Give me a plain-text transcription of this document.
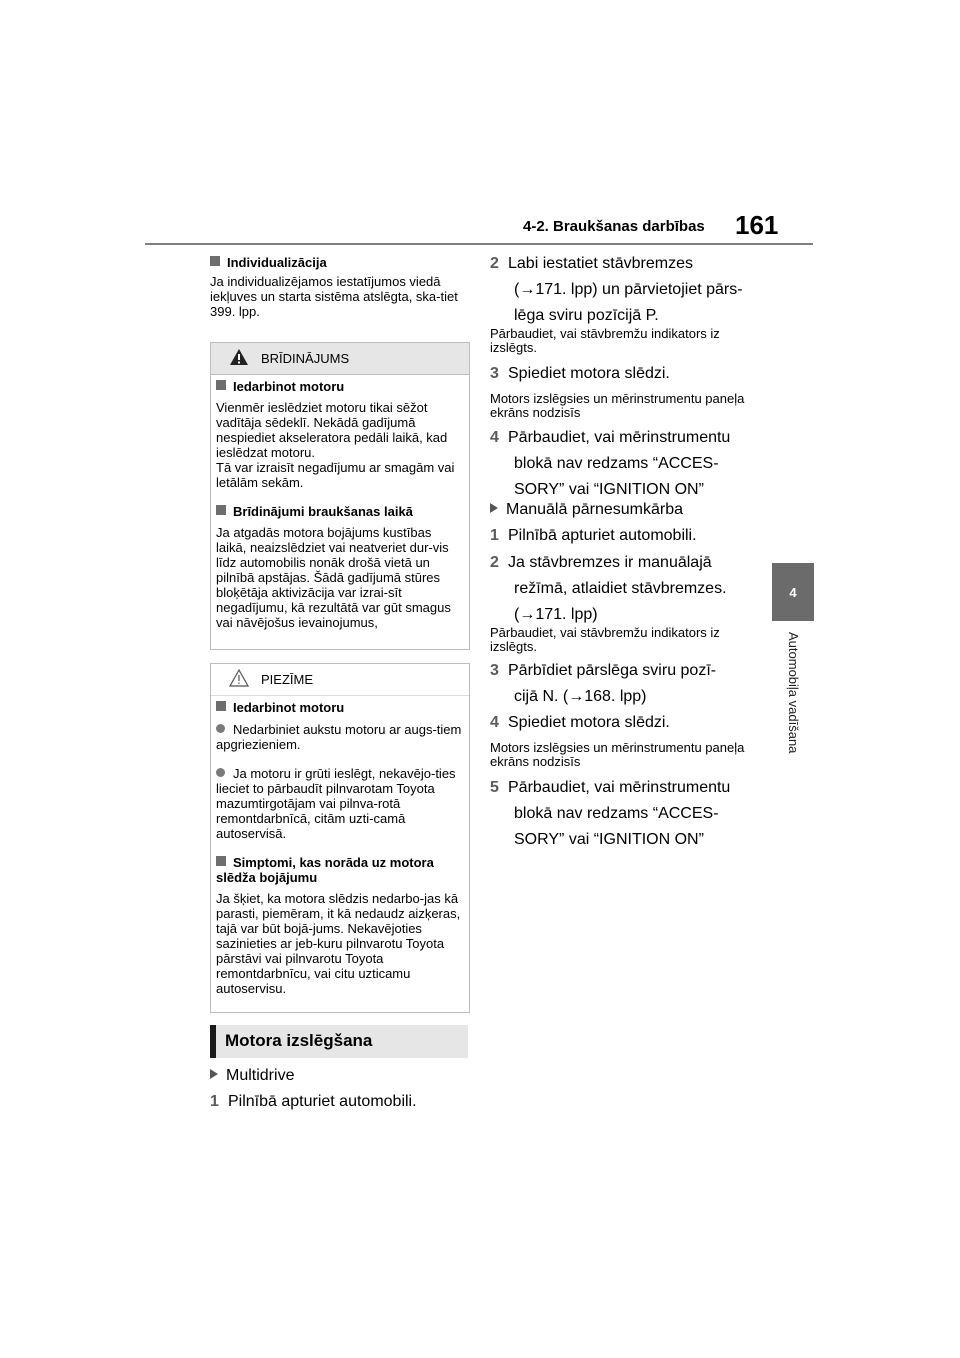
4-2. Braukšanas darbības 161
4
Automobiļa vadīšana
Individualizācija
Ja individualizējamos iestatījumos viedā iekļuves un starta sistēma atslēgta, ska-tiet 399. lpp.
BRĪDINĀJUMS
Iedarbinot motoru
Vienmēr ieslēdziet motoru tikai sēžot vadītāja sēdeklī. Nekādā gadījumā nespiediet akseleratora pedāli laikā, kad ieslēdzat motoru.
Tā var izraisīt negadījumu ar smagām vai letālām sekām.
Brīdinājumi braukšanas laikā
Ja atgadās motora bojājums kustības laikā, neaizslēdziet vai neatveriet dur-vis līdz automobilis nonāk drošā vietā un pilnībā apstājas. Šādā gadījumā stūres bloķētāja aktivizācija var izrai-sīt negadījumu, kā rezultātā var gūt smagus vai nāvējošus ievainojumus,
PIEZĪME
Iedarbinot motoru
Nedarbiniet aukstu motoru ar augs-tiem apgriezieniem.
Ja motoru ir grūti ieslēgt, nekavējo-ties lieciet to pārbaudīt pilnvarotam Toyota mazumtirgotājam vai pilnva-rotā remontdarbnīcā, citām uzti-camā autoservisā.
Simptomi, kas norāda uz motora slēdža bojājumu
Ja šķiet, ka motora slēdzis nedarbo-jas kā parasti, piemēram, it kā nedaudz aizķeras, tajā var būt bojā-jums. Nekavējoties sazinieties ar jeb-kuru pilnvarotu Toyota pārstāvi vai pilnvarotu Toyota remontdarbnīcu, vai citu uzticamu autoservisu.
Motora izslēgšana
Multidrive
1 Pilnībā apturiet automobili.
2 Labi iestatiet stāvbremzes
(→171. lpp) un pārvietojiet pārs-
lēga sviru pozīcijā P.
Pārbaudiet, vai stāvbremžu indikators iz izslēgts.
3 Spiediet motora slēdzi.
Motors izslēgsies un mērinstrumentu paneļa ekrāns nodzisīs
4 Pārbaudiet, vai mērinstrumentu
blokā nav redzams “ACCES-
SORY” vai “IGNITION ON”
Manuālā pārnesumkārba
1 Pilnībā apturiet automobili.
2 Ja stāvbremzes ir manuālajā
režīmā, atlaidiet stāvbremzes.
(→171. lpp)
Pārbaudiet, vai stāvbremžu indikators iz izslēgts.
3 Pārbīdiet pārslēga sviru pozī-
cijā N. (→168. lpp)
4 Spiediet motora slēdzi.
Motors izslēgsies un mērinstrumentu paneļa ekrāns nodzisīs
5 Pārbaudiet, vai mērinstrumentu
blokā nav redzams “ACCES-
SORY” vai “IGNITION ON”
